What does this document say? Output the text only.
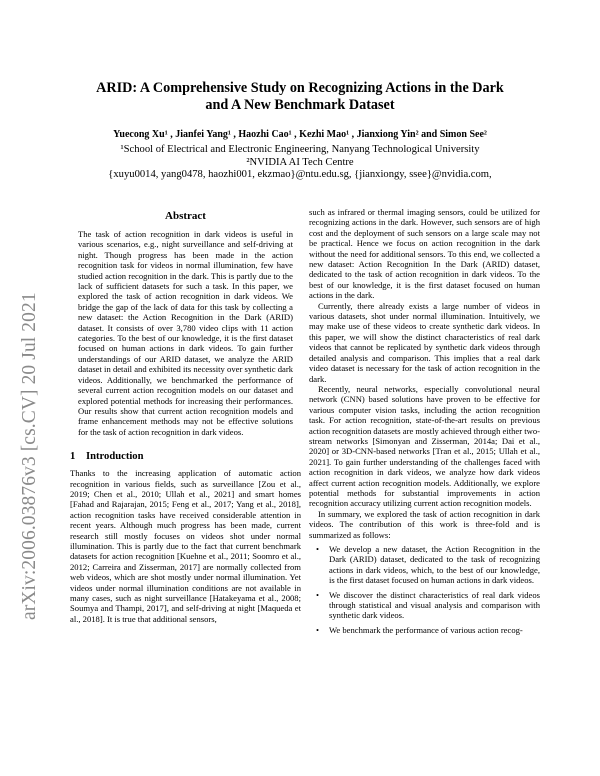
arXiv:2006.03876v3 [cs.CV] 20 Jul 2021
ARID: A Comprehensive Study on Recognizing Actions in the Dark
and A New Benchmark Dataset
Yuecong Xu¹ , Jianfei Yang¹ , Haozhi Cao¹ , Kezhi Mao¹ , Jianxiong Yin² and Simon See²
¹School of Electrical and Electronic Engineering, Nanyang Technological University
²NVIDIA AI Tech Centre
{xuyu0014, yang0478, haozhi001, ekzmao}@ntu.edu.sg, {jianxiongy, ssee}@nvidia.com,
Abstract

The task of action recognition in dark videos is useful in various scenarios, e.g., night surveillance and self-driving at night. Though progress has been made in the action recognition task for videos in normal illumination, few have studied action recognition in the dark. This is partly due to the lack of sufficient datasets for such a task. In this paper, we explored the task of action recognition in dark videos. We bridge the gap of the lack of data for this task by collecting a new dataset: the Action Recognition in the Dark (ARID) dataset. It consists of over 3,780 video clips with 11 action categories. To the best of our knowledge, it is the first dataset focused on human actions in dark videos. To gain further understandings of our ARID dataset, we analyze the ARID dataset in detail and exhibited its necessity over synthetic dark videos. Additionally, we benchmarked the performance of several current action recognition models on our dataset and explored potential methods for increasing their performances. Our results show that current action recognition models and frame enhancement methods may not be effective solutions for the task of action recognition in dark videos.

1 Introduction

Thanks to the increasing application of automatic action recognition in various fields, such as surveillance [Zou et al., 2019; Chen et al., 2010; Ullah et al., 2021] and smart homes [Fahad and Rajarajan, 2015; Feng et al., 2017; Yang et al., 2018], action recognition tasks have received considerable attention in recent years. Although much progress has been made, current research still mostly focuses on videos shot under normal illumination. This is partly due to the fact that current benchmark datasets for action recognition [Kuehne et al., 2011; Soomro et al., 2012; Carreira and Zisserman, 2017] are normally collected from web videos, which are shot mostly under normal illumination. Yet videos under normal illumination conditions are not available in many cases, such as night surveillance [Hatakeyama et al., 2008; Soumya and Thampi, 2017], and self-driving at night [Maqueda et al., 2018]. It is true that additional sensors,

such as infrared or thermal imaging sensors, could be utilized for recognizing actions in the dark. However, such sensors are of high cost and the deployment of such sensors on a large scale may not be practical. Hence we focus on action recognition in the dark without the need for additional sensors. To this end, we collected a new dataset: Action Recognition In the Dark (ARID) dataset, dedicated to the task of action recognition in dark videos. To the best of our knowledge, it is the first dataset focused on human actions in the dark.

Currently, there already exists a large number of videos in various datasets, shot under normal illumination. Intuitively, we may make use of these videos to create synthetic dark videos. In this paper, we will show the distinct characteristics of real dark videos that cannot be replicated by synthetic dark videos through detailed analysis and comparison. This implies that a real dark video dataset is necessary for the task of action recognition in the dark.

Recently, neural networks, especially convolutional neural network (CNN) based solutions have proven to be effective for various computer vision tasks, including the action recognition task. For action recognition, state-of-the-art results on previous action recognition datasets are mostly achieved through either two-stream networks [Simonyan and Zisserman, 2014a; Dai et al., 2020] or 3D-CNN-based networks [Tran et al., 2015; Ullah et al., 2021]. To gain further understanding of the challenges faced with action recognition in dark videos, we analyze how dark videos affect current action recognition models. Additionally, we explore potential methods for substantial improvements in action recognition accuracy utilizing current action recognition models.

In summary, we explored the task of action recognition in dark videos. The contribution of this work is three-fold and is summarized as follows:

• We develop a new dataset, the Action Recognition in the Dark (ARID) dataset, dedicated to the task of recognizing actions in dark videos, which, to the best of our knowledge, is the first dataset focused on human actions in dark videos.
• We discover the distinct characteristics of real dark videos through statistical and visual analysis and comparison with synthetic dark videos.
• We benchmark the performance of various action recog-
